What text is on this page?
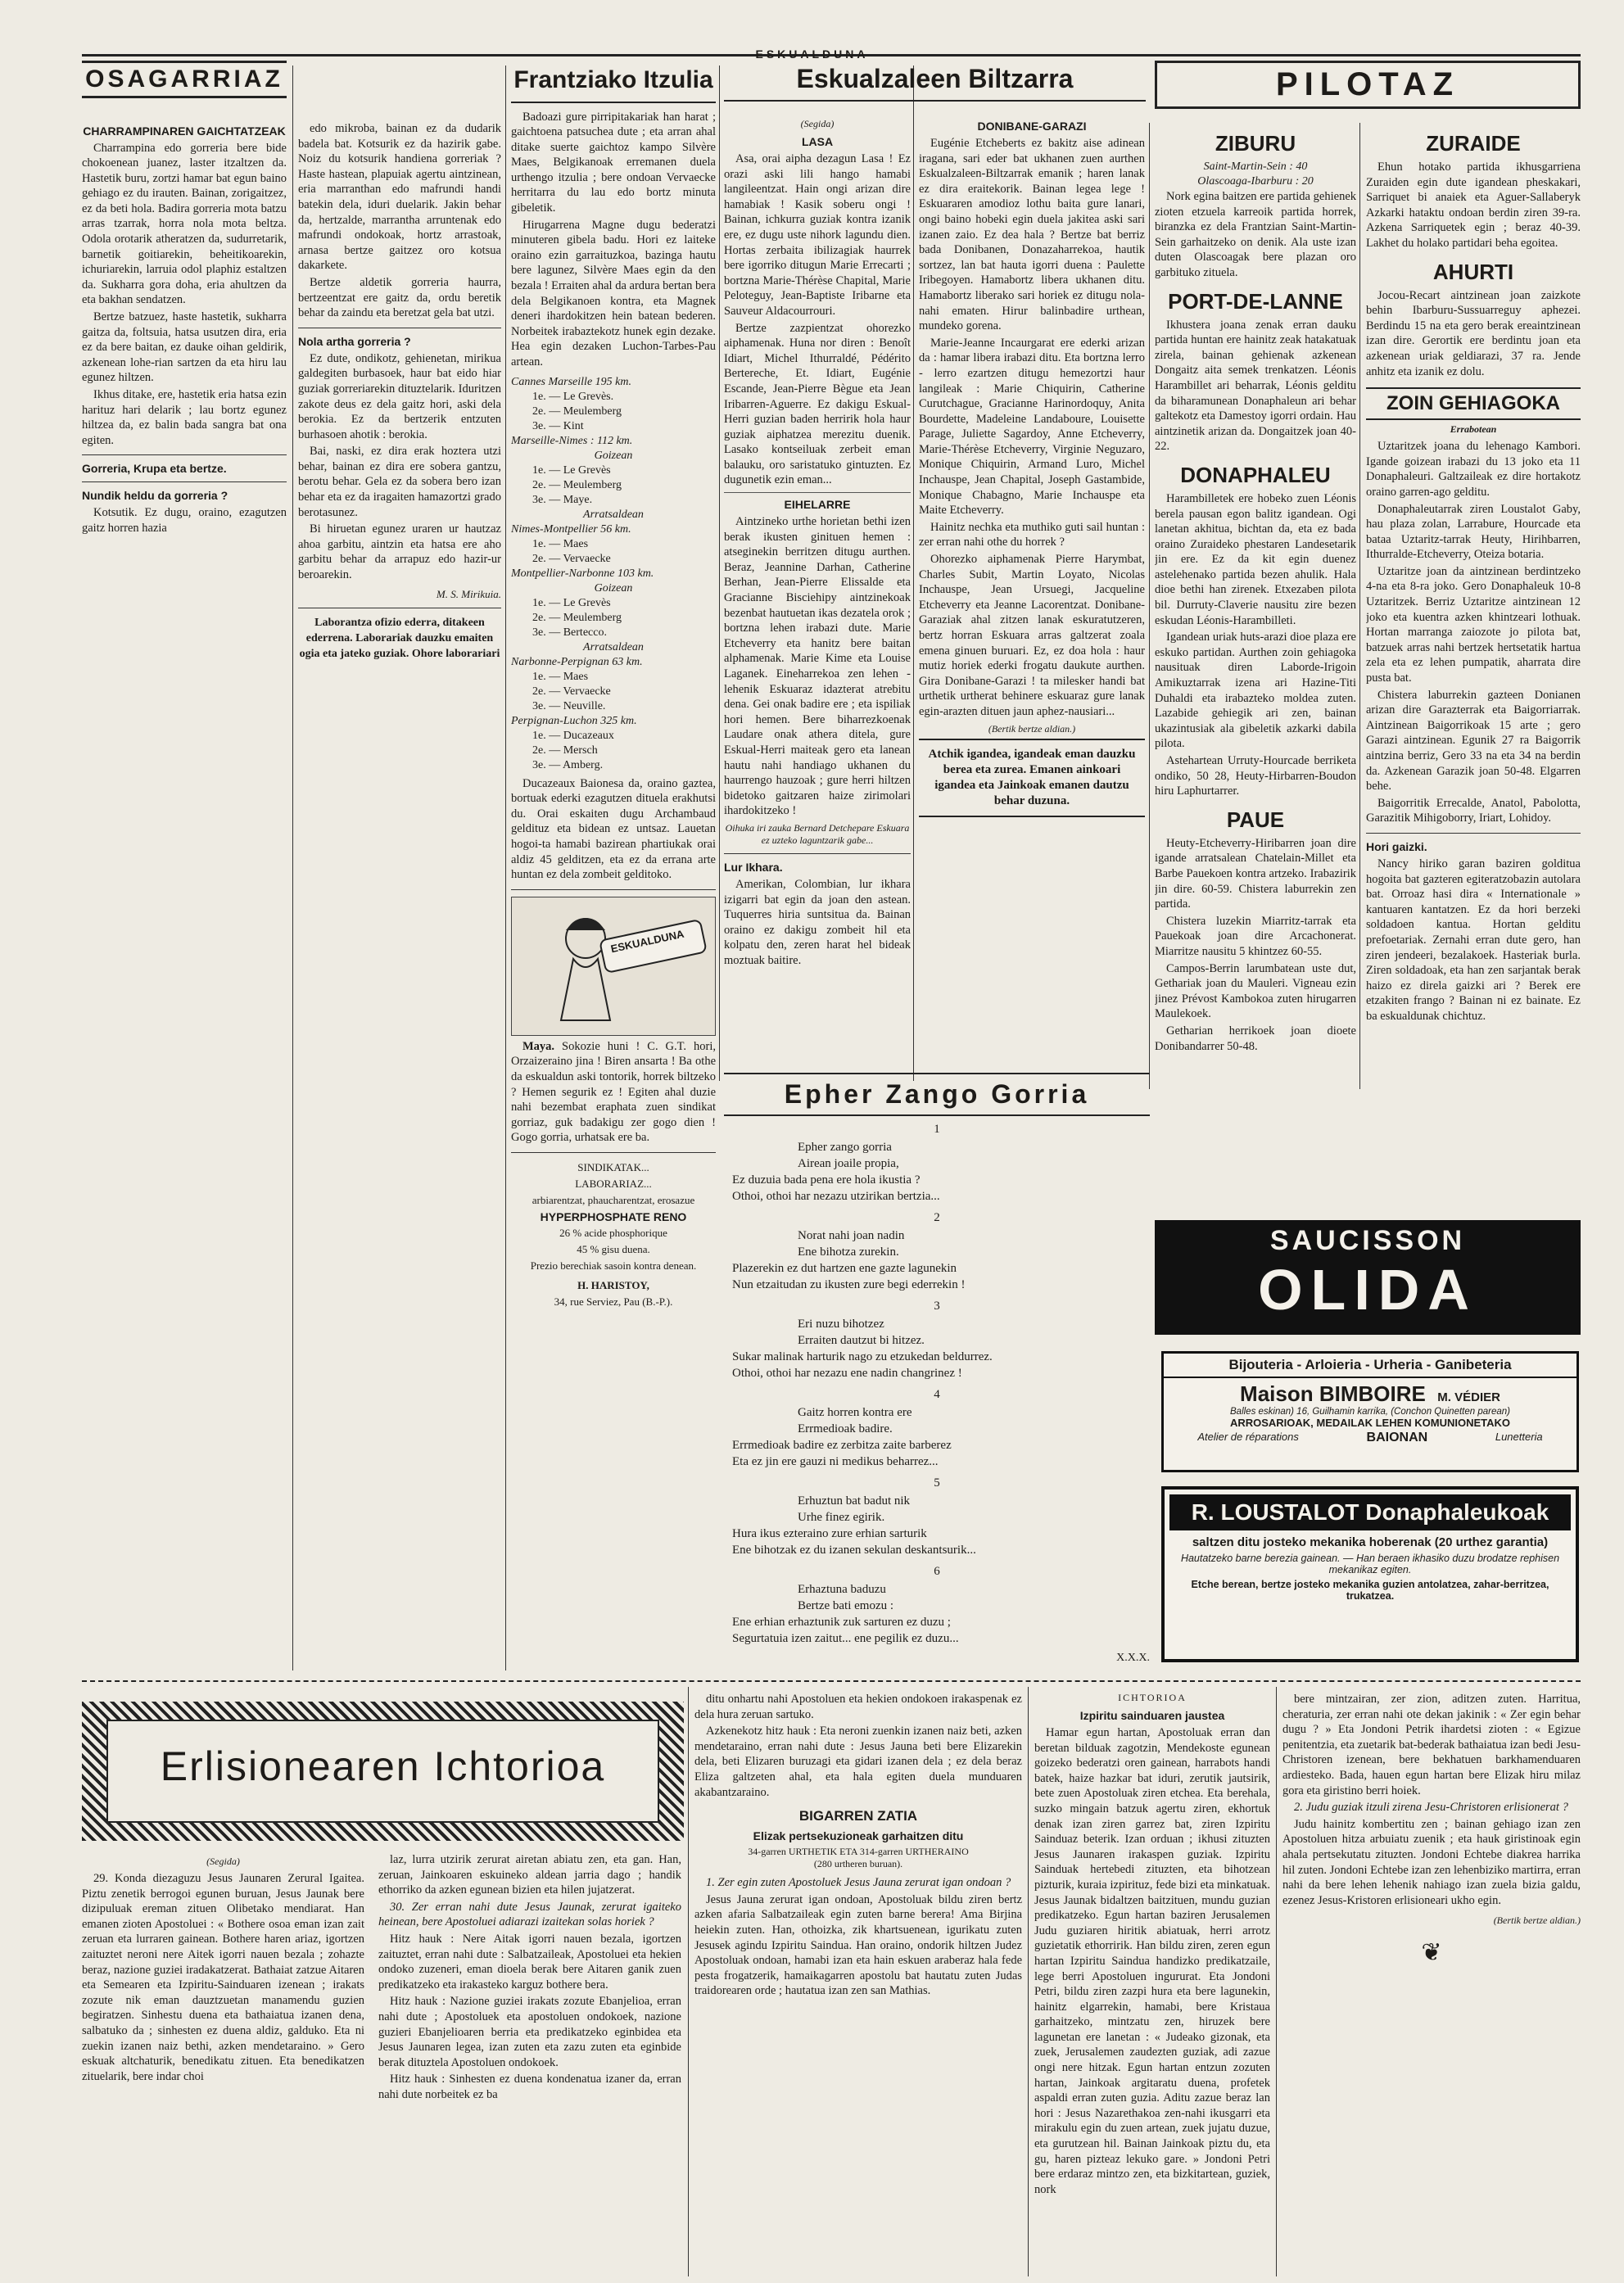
ESKUALDUNA
OSAGARRIAZ
CHARRAMPINAREN GAICHTATZEAK

Charrampina edo gorreria bere bide chokoenean juanez, laster itzaltzen da. Hastetik buru, zortzi hamar bat egun baino gehiago ez du irauten. Bainan, zorigaitzez, ez da beti hola. Badira gorreria mota batzu arras tzarrak, horra nola mota beltza. Odola orotarik atheratzen da, sudurretarik, barnetik goitiarekin, beheitikoarekin, ichuriarekin, larruia odol plaphiz estaltzen da. Sukharra gora doha, eria ahultzen da eta bakhan sendatzen.

Bertze batzuez, haste hastetik, sukharra gaitza da, foltsuia, hatsa usutzen dira, eria ez da bere baitan, ez dauke oihan geldirik, azkenean lohe-rian sartzen da eta hiru lau egunez hiltzen.

Ikhus ditake, ere, hastetik eria hatsa ezin harituz hari delarik ; lau bortz egunez hiltzea da, ez balin bada sangra bat ona egiten.

Gorreria, Krupa eta bertze.
Nundik heldu da gorreria ?

Kotsutik. Ez dugu, oraino, ezagutzen gaitz horren hazia

edo mikroba, bainan ez da dudarik badela bat. Kotsurik ez da hazirik gabe. Noiz du kotsurik handiena gorreriak ? Haste hastean, plapuiak agertu aintzinean, eria marranthan edo mafrundi handi batekin dela, iduri duelarik. Jakin behar da, hertzalde, marrantha arruntenak edo mafrundi ondokoak, hortz arrastoak, arnasa bertze gaitzez oro kotsua dakarkete.

Bertze aldetik gorreria haurra, bertzeentzat ere gaitz da, ordu beretik behar da zaindu eta beretzat gela bat utzi.

Nola artha gorreria ?

Ez dute, ondikotz, gehienetan, mirikua galdegiten burbasoek, haur bat eido hiar guziak gorreriarekin dituztelarik. Iduritzen zakote deus ez dela gaitz hori, aski dela berokia. Ez da bertzerik entzuten burhasoen ahotik : berokia.

Bai, naski, ez dira erak hoztera utzi behar, bainan ez dira ere sobera gantzu, berotu behar. Gela ez da sobera bero izan behar eta ez da iragaiten hamazortzi grado berotasunez.

Bi hiruetan egunez uraren ur hautzaz ahoa garbitu, aintzin eta hatsa ere aho garbitu behar da arrapuz edo hazir-ur beroarekin.

M. S. Mirikuia.
Laborantza ofizio ederra, ditakeen ederrena. Laborariak dauzku emaiten ogia eta jateko guziak. Ohore laborariari
Frantziako Itzulia

Badoazi gure pirripitakariak han harat ; gaichtoena patsuchea dute ; eta arran ahal ditake suerte gaichtoz kampo Silvère Maes, Belgikanoak erremanen duela urthengo itzulia ; bere ondoan Vervaecke herritarra du lau edo bortz minuta gibeletik.

Hirugarrena Magne dugu bederatzi minuteren gibela badu. Hori ez laiteke oraino ezin garraituzkoa, bazinga hautu bere lagunez, Silvère Maes egin da den bezala ! Erraiten ahal da ardura bertan bera dela Belgikanoen kontra, eta Magnek deneri ihardokitzen hein batean bederen. Norbeitek irabaztekotz hunek egin dezake. Hea egin dezaken Luchon-Tarbes-Pau artean.

Cannes Marseille 195 km.
1e. — Le Grevès.
2e. — Meulemberg
3e. — Kint
Marseille-Nimes : 112 km.
Goizean
1e. — Le Grevès
2e. — Meulemberg
3e. — Maye.
Arratsaldean
Nimes-Montpellier 56 km.
1e. — Maes
2e. — Vervaecke
Montpellier-Narbonne 103 km.
Goizean
1e. — Le Grevès
2e. — Meulemberg
3e. — Bertecco.
Arratsaldean
Narbonne-Perpignan 63 km.
1e. — Maes
2e. — Vervaecke
3e. — Neuville.
Perpignan-Luchon 325 km.
1e. — Ducazeaux
2e. — Mersch
3e. — Amberg.

Ducazeaux Baionesa da, oraino gaztea, bortuak ederki ezagutzen dituela erakhutsi du. Orai eskaiten dugu Archambaud geldituz eta bidean ez untsaz. Lauetan hogoi-ta hamabi bazirean phartiukak orai aldiz 45 gelditzen, eta ez da errana arte huntan ez dela zombeit gelditoko.

ESKUALDUNA

Maya. Sokozie huni ! C. G.T. hori, Orzaizeraino jina ! Biren ansarta ! Ba othe da eskualdun aski tontorik, horrek biltzeko ? Hemen segurik ez ! Egiten ahal duzie nahi bezembat eraphata zuen sindikat gorriaz, guk badakigu zer gogo dien ! Gogo gorria, urhatsak ere ba.

SINDIKATAK...
LABORARIAZ...
arbiarentzat, phaucharentzat, erosazue
HYPERPHOSPHATE RENO
26 % acide phosphorique
45 % gisu duena.
Prezio berechiak sasoin kontra denean.
H. HARISTOY,
34, rue Serviez, Pau (B.-P.).
Eskualzaleen Biltzarra
(Segida)
LASA

Asa, orai aipha dezagun Lasa ! Ez orazi aski lili hango hamabi langileentzat. Hain ongi arizan dire hamabiak ! Kasik soberu ongi ! Bainan, ichkurra guziak kontra izanik ere, ez dugu uste nihork lagundu dien. Hortas zerbaita ibilizagiak haurrek bere igorriko ditugun Marie Errecarti ; bortzna Marie-Thérèse Chapital, Marie Peloteguy, Jean-Baptiste Iribarne eta Sauveur Aldacourrouri.

Bertze zazpientzat ohorezko aiphamenak. Huna nor diren : Benoît Idiart, Michel Ithurraldé, Pédérito Bertereche, Et. Idiart, Eugénie Escande, Jean-Pierre Bègue eta Jean Iribarren-Aguerre. Ez dakigu Eskual-Herri guzian baden herririk hola haur guziak aiphatzea merezitu duenik. Lasako kontseiluak zerbeit eman balauku, oro saristatuko gintuzten. Ez dugunetik ezin eman...

EIHELARRE

Aintzineko urthe horietan bethi izen berak ikusten ginituen hemen : atseginekin berritzen ditugu aurthen. Beraz, Jeannine Darhan, Catherine Berhan, Jean-Pierre Elissalde eta Gracianne Bisciehipy aintzinekoak bezenbat hautuetan ikas dezatela orok ; bortzna lehen irabazi dute. Marie Etcheverry eta hanitz bere baitan alphamenak. Marie Kime eta Louise Laganek. Eineharrekoa zen lehen - lehenik Eskuaraz idazterat atrebitu dena. Gei onak badire ere ; eta ispiliak hori hemen. Bere biharrezkoenak Laudare onak athera ditela, gure Eskual-Herri maiteak gero eta lanean hautu nahi handiago ukhanen du haurrengo hauzoak ; gure herri hiltzen bidetoko gaitzaren haize zirimolari ihardokitzeko !

Oihuka iri zauka Bernard Detchepare Eskuara ez uzteko laguntzarik gabe...
Lur Ikhara.

Amerikan, Colombian, lur ikhara izigarri bat egin da joan den astean. Tuquerres hiria suntsitua da. Bainan oraino ez dakigu zombeit hil eta kolpatu den, zeren harat hel bideak moztuak baitire.

DONIBANE-GARAZI

Eugénie Etcheberts ez bakitz aise adinean iragana, sari eder bat ukhanen zuen aurthen Eskualzaleen-Biltzarrak emanik ; haren lanak ez dira eraitekorik. Bainan legea lege ! Eskuararen amodioz lothu baita gure lanari, ongi baino hobeki egin duela jakitea aski sari izanen zaio. Ez dea hala ? Bertze bat berriz bada Donibanen, Donazaharrekoa, hautik sortzez, lan bat hauta igorri duena : Paulette Iribegoyen. Hamabortz libera ukhanen ditu. Hamabortz liberako sari horiek ez ditugu nola-nahi ematen. Hirur balinbadire urthean, mundeko gorena.

Marie-Jeanne Incaurgarat ere ederki arizan da : hamar libera irabazi ditu. Eta bortzna lerro - lerro ezartzen ditugu hemezortzi haur langileak : Marie Chiquirin, Catherine Curutchague, Gracianne Harinordoquy, Anita Bourdette, Madeleine Landaboure, Louisette Parage, Juliette Sagardoy, Anne Etcheverry, Marie-Thérèse Etcheverry, Virginie Neguzaro, Monique Chiquirin, Armand Luro, Michel Inchauspe, Jean Chapital, Joseph Gastambide, Monique Chabagno, Marie Inchauspe eta Maite Etcheverry.

Hainitz nechka eta muthiko guti sail huntan : zer erran nahi othe du horrek ?

Ohorezko aiphamenak Pierre Harymbat, Charles Subit, Martin Loyato, Nicolas Inchauspe, Jean Ursuegi, Jacqueline Etcheverry eta Jeanne Lacorentzat. Donibane-Garaziak ahal zitzen lanak eskuratutzeren, bertz horran Eskuara arras galtzerat zoala emena ginuen buruari. Ez, ez doa hola : haur mutiz horiek ederki frogatu daukute aurthen. Gira Donibane-Garazi ! ta milesker handi bat urthetik urtherat behinere eskuaraz gure lanak egin-arazten dituen jaun aphez-nausiari...

(Bertik bertze aldian.)
Atchik igandea, igandeak eman dauzku berea eta zurea. Emanen ainkoari igandea eta Jainkoak emanen dautzu behar duzuna.
Epher Zango Gorria
1
Epher zango gorria
Airean joaile propia,
Ez duzuia bada pena ere hola ikustia ?
Othoi, othoi har nezazu utzirikan bertzia...
2
Norat nahi joan nadin
Ene bihotza zurekin.
Plazerekin ez dut hartzen ene gazte lagunekin
Nun etzaitudan zu ikusten zure begi ederrekin !
3
Eri nuzu bihotzez
Erraiten dautzut bi hitzez.
Sukar malinak harturik nago zu etzukedan beldurrez.
Othoi, othoi har nezazu ene nadin changrinez !
4
Gaitz horren kontra ere
Errmedioak badire.
Errmedioak badire ez zerbitza zaite barberez
Eta ez jin ere gauzi ni medikus beharrez...
5
Erhuztun bat badut nik
Urhe finez egirik.
Hura ikus ezteraino zure erhian sarturik
Ene bihotzak ez du izanen sekulan deskantsurik...
6
Erhaztuna baduzu
Bertze bati emozu :
Ene erhian erhaztunik zuk sarturen ez duzu ;
Segurtatuia izen zaitut... ene pegilik ez duzu...
X.X.X.
PILOTAZ
ZIBURU
Saint-Martin-Sein : 40
Olascoaga-Ibarburu : 20

Nork egina baitzen ere partida gehienek zioten etzuela karreoik partida horrek, biranzka ez dela Frantzian Saint-Martin-Sein garhaitzeko on denik. Ala uste izan duten Olascoagak bere plazan oro garbituko zituela.

PORT-DE-LANNE

Ikhustera joana zenak erran dauku partida huntan ere hainitz zeak hatakatuak zirela, bainan gehienak azkenean Dongaitz aita semek trenkatzen. Léonis Harambillet ari beharrak, Léonis gelditu da biharamunean Donaphaleun ari behar galtekotz eta Damestoy igorri ordain. Hau aintzinetik arizan da. Dongaitzek joan 40-22.

DONAPHALEU

Harambilletek ere hobeko zuen Léonis berela pausan egon balitz igandean. Ogi lanetan akhitua, bichtan da, eta ez bada oraino Zuraideko phestaren Landesetarik jin ere. Ez da kit egin duenez astelehenako partida bezen ahulik. Hala dioe bethi han zirenek. Etxezaben pilota bil. Durruty-Claverie nausitu zire bezen eskudan Léonis-Harambilleti.

Igandean uriak huts-arazi dioe plaza ere eskuko partidan. Aurthen zoin gehiagoka nausituak diren Laborde-Irigoin Amikuztarrak izena ari Hazine-Titi Duhaldi eta irabazteko moldea zuten. Lazabide gehiegik ari zen, bainan ukazintusiak ala gibeletik azkarki dabila pilota.

Astehartean Urruty-Hourcade berriketa ondiko, 50 28, Heuty-Hirbarren-Boudon hiru Laphurtarrer.

PAUE

Heuty-Etcheverry-Hiribarren joan dire igande arratsalean Chatelain-Millet eta Barbe Pauekoen kontra artzeko. Irabazirik jin dire. 60-59. Chistera laburrekin zen partida.

Chistera luzekin Miarritz-tarrak eta Pauekoak joan dire Arcachonerat. Miarritze nausitu 5 khintzez 60-55.

Campos-Berrin larumbatean uste dut, Gethariak joan du Mauleri. Vigneau ezin jinez Prévost Kambokoa zuten hirugarren Maulekoek.

Getharian herrikoek joan dioete Donibandarrer 50-48.

ZURAIDE

Ehun hotako partida ikhusgarriena Zuraiden egin dute igandean pheskakari, Sarriquet bi anaiek eta Aguer-Sallaberyk Azkarki hataktu ondoan berdin ziren 39-ra. Azkena Sarriquetek egin ; beraz 40-39. Lakhet du holako partidari beha egoitea.

AHURTI

Jocou-Recart aintzinean joan zaizkote behin Ibarburu-Sussuarreguy aphezei. Berdindu 15 na eta gero berak ereaintzinean izan dire. Gerortik ere berdintu joan eta azkenean uriak geldiarazi, 37 ra. Jende anhitz eta izanik ez dolu.

ZOIN GEHIAGOKA
Errabotean

Uztaritzek joana du lehenago Kambori. Igande goizean irabazi du 13 joko eta 11 Donaphaleuri. Galtzaileak ez dire hortakotz oraino garren-ago gelditu.

Donaphaleutarrak ziren Loustalot Gaby, hau plaza zolan, Larrabure, Hourcade eta bataa Uztaritz-tarrak Heuty, Hirihbarren, Ithurralde-Etcheverry, Oteiza botaria.

Uztaritze joan da aintzinean berdintzeko 4-na eta 8-ra joko. Gero Donaphaleuk 10-8 Uztaritzek. Berriz Uztaritze aintzinean 12 joko eta kuentra azken khintzeari lothuak. Hortan marranga zaiozote jo pilota bat, batzuek arras nahi bertzek hertsetatik hartua zela eta ez lehen pumpatik, aharrata dire pusta bat.

Chistera laburrekin gazteen Donianen arizan dire Garazterrak eta Baigorriarrak. Aintzinean Baigorrikoak 15 arte ; gero Garazi aintzinean. Egunik 27 ra Baigorrik aintzina berriz, Gero 33 na eta 34 na berdin da. Azkenean Garazik joan 50-48. Elgarren behe.

Baigorritik Errecalde, Anatol, Pabolotta, Garazitik Mihigoborry, Iriart, Lohidoy.

Hori gaizki.

Nancy hiriko garan baziren golditua hogoita bat gazteren egiteratzobazin autolara bat. Orroaz hasi dira « Internationale » kantuaren kantatzen. Ez da hori berzeki soldadoen kantua. Hortan gelditu prefoetariak. Zernahi erran dute gero, han ziren jendeeri, bezalakoek. Hasteriak burla. Ziren soldadoak, eta han zen sarjantak berak haizo ez direla gaizki ari ? Berek ere etzakiten frango ? Bainan ni ez bainate. Ez ba eskualdunak chichtuz.

SAUCISSON
OLIDA
Bijouteria - Arloieria - Urheria - Ganibeteria
Maison BIMBOIRE M. VÉDIER
Balles eskinan) 16, Guilhamin karrika, (Conchon Quinetten parean)
ARROSARIOAK, MEDAILAK LEHEN KOMUNIONETAKO
Atelier de réparations	BAIONAN	Lunetteria
R. LOUSTALOT Donaphaleukoak
saltzen ditu josteko mekanika hoberenak (20 urthez garantia)
Hautatzeko barne berezia gainean. — Han beraen ikhasiko duzu brodatze rephisen mekanikaz egiten.
Etche berean, bertze josteko mekanika guzien antolatzea, zahar-berritzea, trukatzea.
Erlisionearen Ichtorioa
(Segida)

29. Konda diezaguzu Jesus Jaunaren Zerural Igaitea. Piztu zenetik berrogoi egunen buruan, Jesus Jaunak bere dizipuluak ereman zituen Olibetako mendiarat. Han emanen zioten Apostoluei : « Bothere osoa eman izan zait zeruan eta lurraren gainean. Bothere haren ariaz, igortzen zaituztet neroni nere Aitek igorri nauen bezala ; zohazte beraz, nazione guziei iradakatzerat. Bathaiat zatzue Aitaren eta Semearen eta Izpiritu-Sainduaren izenean ; irakats zozute nik eman dauztzuetan manamendu guzien begiratzen. Sinhestu duena eta bathaiatua izanen dena, salbatuko da ; sinhesten ez duena aldiz, galduko. Eta ni zuekin izanen naiz bethi, azken mendetaraino. » Gero eskuak altchaturik, benedikatu zituen. Eta benedikatzen zituelarik, bere indar choi

laz, lurra utzirik zerurat airetan abiatu zen, eta gan. Han, zeruan, Jainkoaren eskuineko aldean jarria dago ; handik ethorriko da azken egunean bizien eta hilen jujatzerat.

30. Zer erran nahi dute Jesus Jaunak, zerurat igaiteko heinean, bere Apostoluei adiarazi izaitekan solas horiek ?

Hitz hauk : Nere Aitak igorri nauen bezala, igortzen zaituztet, erran nahi dute : Salbatzaileak, Apostoluei eta hekien ondoko zuzeneri, eman dioela berak bere Aitaren ganik zuen predikatzeko eta irakasteko karguz bothere bera.

Hitz hauk : Nazione guziei irakats zozute Ebanjelioa, erran nahi dute ; Apostoluek eta apostoluen ondokoek, nazione guzieri Ebanjelioaren berria eta predikatzeko eginbidea eta Jesus Jaunaren legea, izan zuten eta zazu zuten eta eginbide berak dituztela Apostoluen ondokoek.

Hitz hauk : Sinhesten ez duena kondenatua izaner da, erran nahi dute norbeitek ez ba

ditu onhartu nahi Apostoluen eta hekien ondokoen irakaspenak ez dela hura zeruan sartuko.

Azkenekotz hitz hauk : Eta neroni zuenkin izanen naiz beti, azken mendetaraino, erran nahi dute : Jesus Jauna beti bere Elizarekin dela, beti Elizaren buruzagi eta gidari izanen dela ; ez dela beraz Eliza galtzeten ahal, eta hala egiten duela munduaren akabantzaraino.

BIGARREN ZATIA
Elizak pertsekuzioneak garhaitzen ditu
34-garren URTHETIK ETA 314-garren URTHERAINO
(280 urtheren buruan).

1. Zer egin zuten Apostoluek Jesus Jauna zerurat igan ondoan ?

Jesus Jauna zerurat igan ondoan, Apostoluak bildu ziren bertz azken afaria Salbatzaileak egin zuten barne berera! Ama Birjina heiekin zuten. Han, othoizka, zik khartsuenean, igurikatu zuten Jesusek agindu Izpiritu Saindua. Han oraino, ondorik hiltzen Judez Apostoluak ondoan, hamabi izan eta hain eskuen araberaz hala fede pesta frogatzerik, hamaikagarren apostolu bat hautatu zuten Judas traidorearen orde ; hautatua izan zen san Mathias.

ICHTORIOA
Izpiritu sainduaren jaustea

Hamar egun hartan, Apostoluak erran dan beretan bilduak zagotzin, Mendekoste egunean goizeko bederatzi oren gainean, harrabots handi batek, haize hazkar bat iduri, zerutik jautsirik, bete zuen Apostoluak ziren etchea. Eta berehala, suzko mingain batzuk agertu ziren, ekhortuk denak izan ziren garrez bat, ziren Izpiritu Sainduaz beterik. Izan orduan ; ikhusi zituzten Jesus Jaunaren irakaspen guziak. Izpiritu Sainduak hertebedi zituzten, eta bihotzean pizturik, kuraia izpirituz, fede bizi eta minkatuak. Jesus Jaunak bidaltzen baitzituen, mundu guzian predikatzeko. Egun hartan baziren Jerusalemen Judu guziaren hiritik abiatuak, herri arrotz guzietatik ethorririk. Han bildu ziren, zeren egun hartan Izpiritu Saindua handizko predikatzaile, lege berri Apostoluen ingururat. Eta Jondoni Petri, bildu ziren zazpi hura eta bere lagunekin, hainitz elgarrekin, hamabi, bere Kristaua garhaitzeko, mintzatu zen, hiruzek bere lagunetan ere lanetan : « Judeako gizonak, eta zuek, Jerusalemen zaudezten guziak, adi zazue ongi nere hitzak. Egun hartan entzun zozuten hartan, Jainkoak argitaratu duena, profetek aspaldi erran zuten guzia. Aditu zazue beraz lan hori : Jesus Nazarethakoa zen-nahi ikusgarri eta mirakulu egin du zuen artean, zuek jujatu duzue, eta gurutzean hil. Bainan Jainkoak piztu du, eta gu, haren pizteaz lekuko gare. » Jondoni Petri bere erdaraz mintzo zen, eta bizkitartean, guziek, nork

bere mintzairan, zer zion, aditzen zuten. Harritua, cheraturia, zer erran nahi ote dekan jakinik : « Zer egin behar dugu ? » Eta Jondoni Petrik ihardetsi zioten : « Egizue penitentzia, eta zuetarik bat-bederak bathaiatua izan bedi Jesu-Christoren izenean, bere bekhatuen barkhamenduaren ardiesteko. Bada, hauen egun hartan bere Elizak hiru milaz gora eta giristino berri hoiek.

2. Judu guziak itzuli zirena Jesu-Christoren erlisionerat ?

Judu hainitz kombertitu zen ; bainan gehiago izan zen Apostoluen hitza arbuiatu zuenik ; eta hauk giristinoak egin ahala pertsekutatu zituzten. Jondoni Echtebe diakrea harrika hil zuten. Jondoni Echtebe izan zen lehenbiziko martirra, erran nahi da bere lehen lehenik nahiago izan zuela bizia galdu, ezenez Jesus-Kristoren erlisioneari ukho egin.

(Bertik bertze aldian.)
❦
